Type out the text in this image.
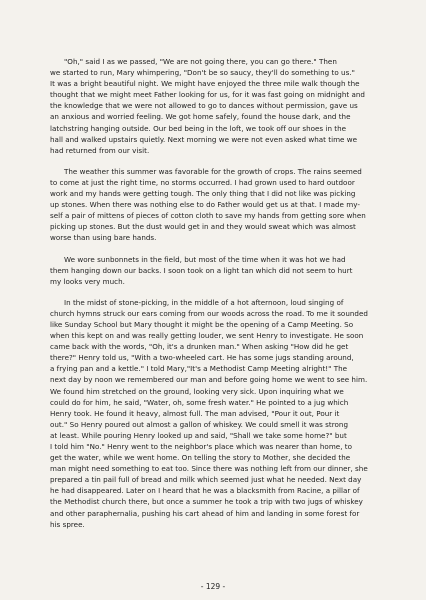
"Oh," said I as we passed, "We are not going there, you can go there." Then
we started to run, Mary whimpering, "Don't be so saucy, they'll do something to us."
It was a bright beautiful night. We might have enjoyed the three mile walk though the
thought that we might meet Father looking for us, for it was fast going on midnight and
the knowledge that we were not allowed to go to dances without permission, gave us
an anxious and worried feeling. We got home safely, found the house dark, and the
latchstring hanging outside. Our bed being in the loft, we took off our shoes in the
hall and walked upstairs quietly. Next morning we were not even asked what time we
had returned from our visit.
The weather this summer was favorable for the growth of crops. The rains seemed
to come at just the right time, no storms occurred. I had grown used to hard outdoor
work and my hands were getting tough. The only thing that I did not like was picking
up stones. When there was nothing else to do Father would get us at that. I made my-
self a pair of mittens of pieces of cotton cloth to save my hands from getting sore when
picking up stones. But the dust would get in and they would sweat which was almost
worse than using bare hands.
We wore sunbonnets in the field, but most of the time when it was hot we had
them hanging down our backs. I soon took on a light tan which did not seem to hurt
my looks very much.
In the midst of stone-picking, in the middle of a hot afternoon, loud singing of
church hymns struck our ears coming from our woods across the road. To me it sounded
like Sunday School but Mary thought it might be the opening of a Camp Meeting. So
when this kept on and was really getting louder, we sent Henry to investigate. He soon
came back with the words, "Oh, it's a drunken man." When asking "How did he get
there?" Henry told us, "With a two-wheeled cart. He has some jugs standing around,
a frying pan and a kettle." I told Mary,"It's a Methodist Camp Meeting alright!" The
next day by noon we remembered our man and before going home we went to see him.
We found him stretched on the ground, looking very sick. Upon inquiring what we
could do for him, he said, "Water, oh, some fresh water." He pointed to a jug which
Henry took. He found it heavy, almost full. The man advised, "Pour it out, Pour it
out." So Henry poured out almost a gallon of whiskey. We could smell it was strong
at least. While pouring Henry looked up and said, "Shall we take some home?" but
I told him "No." Henry went to the neighbor's place which was nearer than home, to
get the water, while we went home. On telling the story to Mother, she decided the
man might need something to eat too. Since there was nothing left from our dinner, she
prepared a tin pail full of bread and milk which seemed just what he needed. Next day
he had disappeared. Later on I heard that he was a blacksmith from Racine, a pillar of
the Methodist church there, but once a summer he took a trip with two jugs of whiskey
and other paraphernalia, pushing his cart ahead of him and landing in some forest for
his spree.
- 129 -
